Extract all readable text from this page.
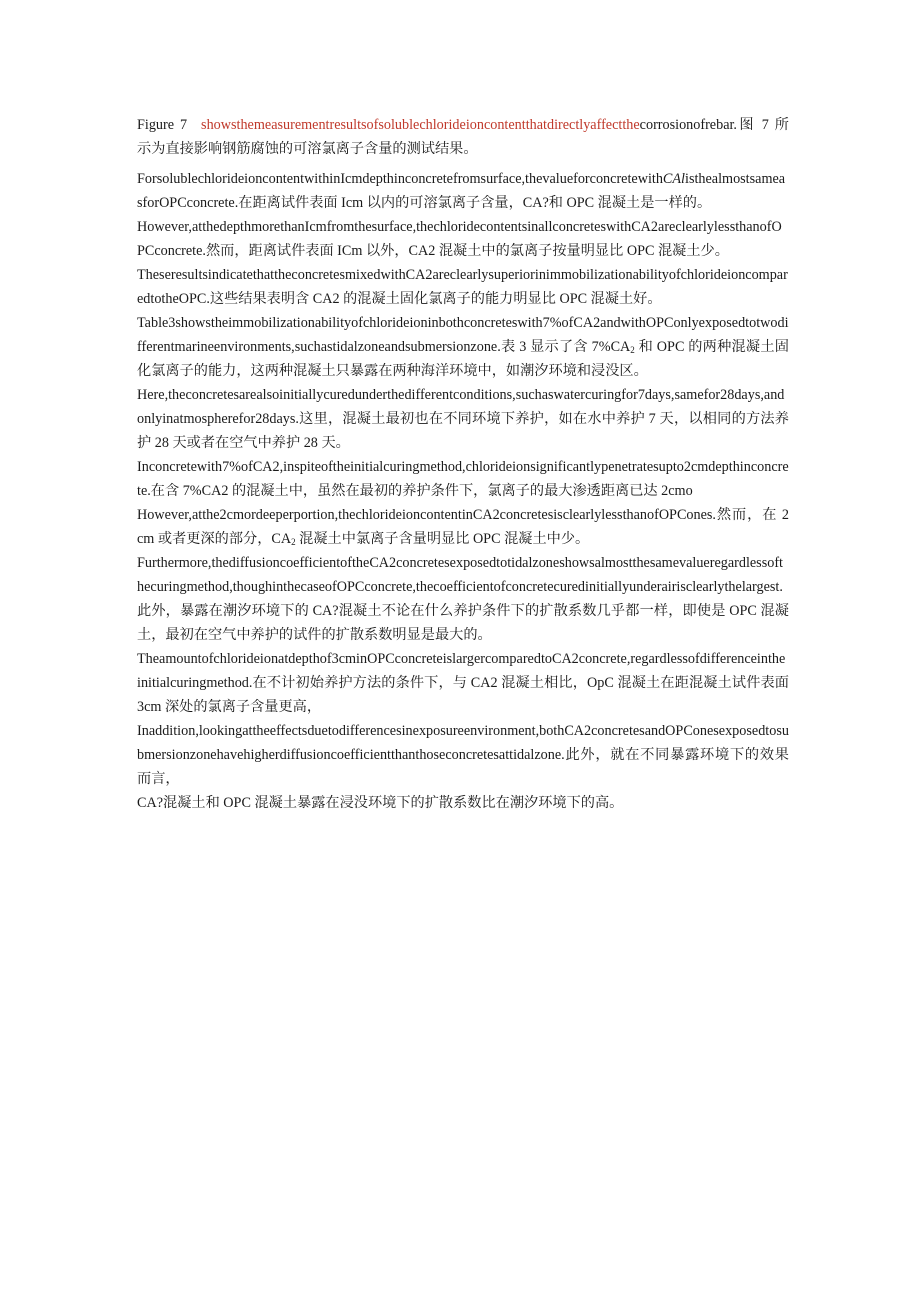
Figure 7 showsthemeasurementresultsofsolublechlorideioncontentthatdirectlyaffectthecorrosionofrebar.图 7 所示为直接影响钢筋腐蚀的可溶氯离子含量的测试结果。

ForsolublechlorideioncontentwithinIcmdepthinconcretefromsurface,thevalueforconcretewithCAlisthealmostsameasforOPCconcrete.在距离试件表面 Icm 以内的可溶氯离子含量，CA?和 OPC 混凝土是一样的。

However,atthedepthmorethanIcmfromthesurface,thechloridecontentsinallconcreteswithCA2areclearlylessthanofOPCconcrete.然而，距离试件表面 ICm 以外，CA2 混凝土中的氯离子按量明显比 OPC 混凝土少。

TheseresultsindicatethattheconcretesmixedwithCA2areclearlysuperiorinimmobilizationabilityofchlorideioncomparedtotheOPC.这些结果表明含 CA2 的混凝土固化氯离子的能力明显比 OPC 混凝土好。

Table3showstheimmobilizationabilityofchlorideioninbothconcreteswith7%ofCA2andwithOPConlyexposedtotwodifferentmarineenvironments,suchastidalzoneandsubmersionzone.表 3 显示了含 $7\%CA_2$ 和 OPC 的两种混凝土固化氯离子的能力，这两种混凝土只暴露在两种海洋环境中，如潮汐环境和浸没区。

Here,theconcretesarealsoinitiallycuredunderthedifferentconditions,suchaswatercuringfor7days,samefor28days,andonlyinatmospherefor28days.这里，混凝土最初也在不同环境下养护，如在水中养护 7 天，以相同的方法养护 28 天或者在空气中养护 28 天。

Inconcretewith7%ofCA2,inspiteoftheinitialcuringmethod,chlorideionsignificantlypenetratesupto2cmdepthinconcrete.在含 7%CA2 的混凝土中，虽然在最初的养护条件下，氯离子的最大渗透距离已达 2cmo

However,atthe2cmordeeperportion,thechlorideioncontentinCA2concretesisclearlylessthanofOPCones.然而，在 2cm 或者更深的部分，$CA_2$ 混凝土中氯离子含量明显比 OPC 混凝土中少。

Furthermore,thediffusioncoefficientoftheCA2concretesexposedtotidalzoneshowsalmostthesamevalueregardlessofthecuringmethod,thoughinthecaseofOPCconcrete,thecoefficientofconcretecuredinitiallyunderairisclearlythelargest.此外，暴露在潮汐环境下的 CA?混凝土不论在什么养护条件下的扩散系数几乎都一样，即使是 OPC 混凝土，最初在空气中养护的试件的扩散系数明显是最大的。

Theamountofchlorideionatdepthof3cminOPCconcreteislargercomparedtoCA2concrete,regardlessofdifferenceintheinitialcuringmethod.在不计初始养护方法的条件下，与 CA2 混凝土相比，OpC 混凝土在距混凝土试件表面 3cm 深处的氯离子含量更高，

Inaddition,lookingattheeffectsduetodifferencesinexposureenvironment,bothCA2concretesandOPConesexposedtosubmersionzonehavehigherdiffusioncoefficientthanthoseconcretesattidalzone.此外，就在不同暴露环境下的效果而言，

CA?混凝土和 OPC 混凝土暴露在浸没环境下的扩散系数比在潮汐环境下的高。
